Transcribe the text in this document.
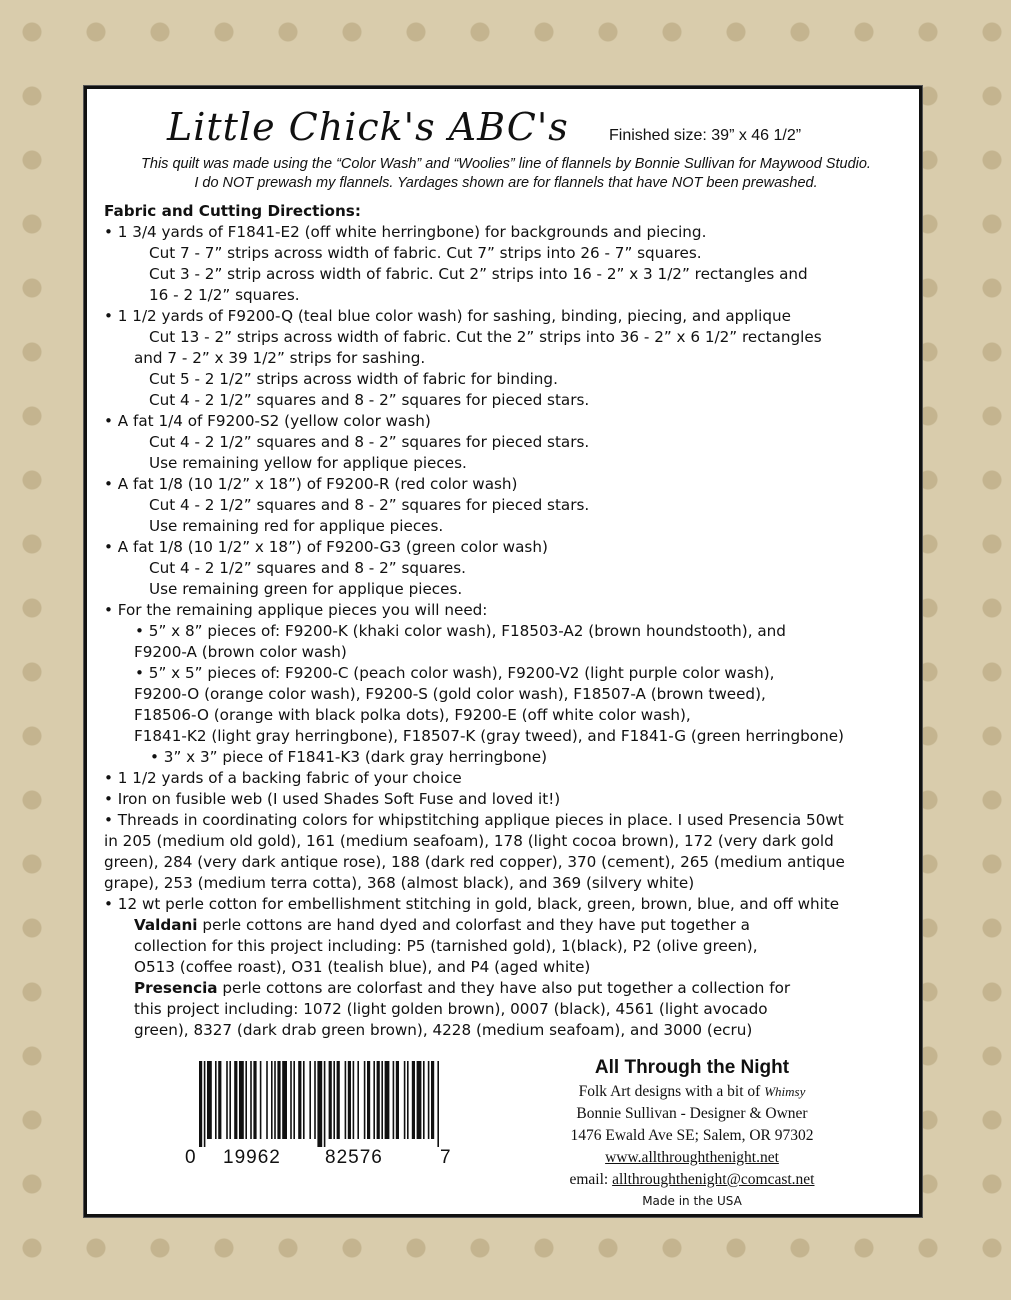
Little Chick's ABC's	Finished size: 39” x 46 1/2”
This quilt was made using the “Color Wash” and “Woolies” line of flannels by Bonnie Sullivan for Maywood Studio.
I do NOT prewash my flannels. Yardages shown are for flannels that have NOT been prewashed.

Fabric and Cutting Directions:

• 1 3/4 yards of F1841-E2 (off white herringbone) for backgrounds and piecing.

Cut 7 - 7” strips across width of fabric. Cut 7” strips into 26 - 7” squares.

Cut 3 - 2” strip across width of fabric. Cut 2” strips into 16 - 2” x 3 1/2” rectangles and

16 - 2 1/2” squares.

• 1 1/2 yards of F9200-Q (teal blue color wash) for sashing, binding, piecing, and applique

Cut 13 - 2” strips across width of fabric. Cut the 2” strips into 36 - 2” x 6 1/2” rectangles

and 7 - 2” x 39 1/2” strips for sashing.

Cut 5 - 2 1/2” strips across width of fabric for binding.

Cut 4 - 2 1/2” squares and 8 - 2” squares for pieced stars.

• A fat 1/4 of F9200-S2 (yellow color wash)

Cut 4 - 2 1/2” squares and 8 - 2” squares for pieced stars.

Use remaining yellow for applique pieces.

• A fat 1/8 (10 1/2” x 18”) of F9200-R (red color wash)

Cut 4 - 2 1/2” squares and 8 - 2” squares for pieced stars.

Use remaining red for applique pieces.

• A fat 1/8 (10 1/2” x 18”) of F9200-G3 (green color wash)

Cut 4 - 2 1/2” squares and 8 - 2” squares.

Use remaining green for applique pieces.

• For the remaining applique pieces you will need:

• 5” x 8” pieces of: F9200-K (khaki color wash), F18503-A2 (brown houndstooth), and

F9200-A (brown color wash)

• 5” x 5” pieces of: F9200-C (peach color wash), F9200-V2 (light purple color wash),

F9200-O (orange color wash), F9200-S (gold color wash), F18507-A (brown tweed),

F18506-O (orange with black polka dots), F9200-E (off white color wash),

F1841-K2 (light gray herringbone), F18507-K (gray tweed), and F1841-G (green herringbone)

• 3” x 3” piece of F1841-K3 (dark gray herringbone)

• 1 1/2 yards of a backing fabric of your choice

• Iron on fusible web (I used Shades Soft Fuse and loved it!)

• Threads in coordinating colors for whipstitching applique pieces in place. I used Presencia 50wt

in 205 (medium old gold), 161 (medium seafoam), 178 (light cocoa brown), 172 (very dark gold

green), 284 (very dark antique rose), 188 (dark red copper), 370 (cement), 265 (medium antique

grape), 253 (medium terra cotta), 368 (almost black), and 369 (silvery white)

• 12 wt perle cotton for embellishment stitching in gold, black, green, brown, blue, and off white

Valdani perle cottons are hand dyed and colorfast and they have put together a

collection for this project including: P5 (tarnished gold), 1(black), P2 (olive green),

O513 (coffee roast), O31 (tealish blue), and P4 (aged white)

Presencia perle cottons are colorfast and they have also put together a collection for

this project including: 1072 (light golden brown), 0007 (black), 4561 (light avocado

green), 8327 (dark drab green brown), 4228 (medium seafoam), and 3000 (ecru)

0 19962 82576	7
All Through the Night
Folk Art designs with a bit of Whimsy
Bonnie Sullivan - Designer & Owner
1476 Ewald Ave SE; Salem, OR 97302
www.allthroughthenight.net
email: allthroughthenight@comcast.net
Made in the USA
